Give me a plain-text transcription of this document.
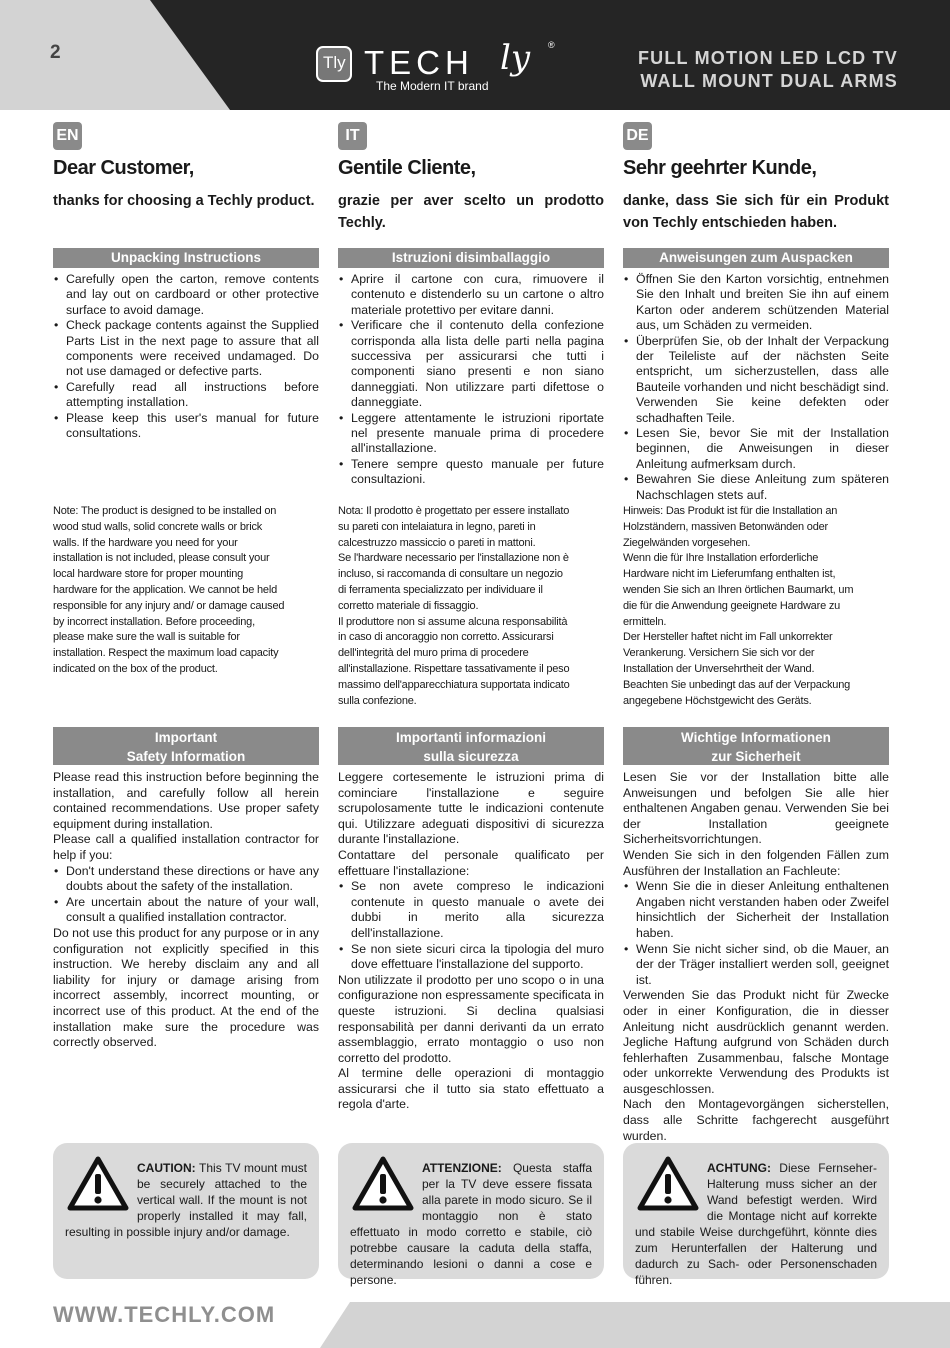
2	Tly TECH ly ®
The Modern IT brand
FULL MOTION LED LCD TV
WALL MOUNT DUAL ARMS
EN
Dear Customer,
thanks for choosing a Techly product.
Unpacking Instructions
• Carefully open the carton, remove contents and lay out on cardboard or other protective surface to avoid damage.
• Check package contents against the Supplied Parts List in the next page to assure that all components were received undamaged. Do not use damaged or defective parts.
• Carefully read all instructions before attempting installation.
• Please keep this user's manual for future consultations.

Note: The product is designed to be installed on wood stud walls, solid concrete walls or brick walls. If the hardware you need for your installation is not included, please consult your local hardware store for proper mounting hardware for the application. We cannot be held responsible for any injury and/ or damage caused by incorrect installation. Before proceeding, please make sure the wall is suitable for installation. Respect the maximum load capacity indicated on the box of the product.

Important
Safety Information

Please read this instruction before beginning the installation, and carefully follow all herein contained recommendations. Use proper safety equipment during installation.

Please call a qualified installation contractor for help if you:

• Don't understand these directions or have any doubts about the safety of the installation.
• Are uncertain about the nature of your wall, consult a qualified installation contractor.

Do not use this product for any purpose or in any configuration not explicitly specified in this instruction. We hereby disclaim any and all liability for injury or damage arising from incorrect assembly, incorrect mounting, or incorrect use of this product. At the end of the installation make sure the procedure was correctly observed.

IT
Gentile Cliente,
grazie per aver scelto un prodotto Techly.
Istruzioni disimballaggio
• Aprire il cartone con cura, rimuovere il contenuto e distenderlo su un cartone o altro materiale protettivo per evitare danni.
• Verificare che il contenuto della confezione corrisponda alla lista delle parti nella pagina successiva per assicurarsi che tutti i componenti siano presenti e non siano danneggiati. Non utilizzare parti difettose o danneggiate.
• Leggere attentamente le istruzioni riportate nel presente manuale prima di procedere all'installazione.
• Tenere sempre questo manuale per future consultazioni.

Nota: Il prodotto è progettato per essere installato su pareti con intelaiatura in legno, pareti in calcestruzzo massiccio o pareti in mattoni.

Se l'hardware necessario per l'installazione non è incluso, si raccomanda di consultare un negozio di ferramenta specializzato per individuare il corretto materiale di fissaggio.

Il produttore non si assume alcuna responsabilità in caso di ancoraggio non corretto. Assicurarsi dell'integrità del muro prima di procedere all'installazione. Rispettare tassativamente il peso massimo dell'apparecchiatura supportata indicato sulla confezione.

Importanti informazioni
sulla sicurezza

Leggere cortesemente le istruzioni prima di cominciare l'installazione e seguire scrupolosamente tutte le indicazioni contenute qui. Utilizzare adeguati dispositivi di sicurezza durante l'installazione.

Contattare del personale qualificato per effettuare l'installazione:

• Se non avete compreso le indicazioni contenute in questo manuale o avete dei dubbi in merito alla sicurezza dell'installazione.
• Se non siete sicuri circa la tipologia del muro dove effettuare l'installazione del supporto.

Non utilizzate il prodotto per uno scopo o in una configurazione non espressamente specificata in queste istruzioni. Si declina qualsiasi responsabilità per danni derivanti da un errato assemblaggio, errato montaggio o uso non corretto del prodotto.

Al termine delle operazioni di montaggio assicurarsi che il tutto sia stato effettuato a regola d'arte.

DE
Sehr geehrter Kunde,
danke, dass Sie sich für ein Produkt von Techly entschieden haben.
Anweisungen zum Auspacken
• Öffnen Sie den Karton vorsichtig, entnehmen Sie den Inhalt und breiten Sie ihn auf einem Karton oder anderem schützenden Material aus, um Schäden zu vermeiden.
• Überprüfen Sie, ob der Inhalt der Verpackung der Teileliste auf der nächsten Seite entspricht, um sicherzustellen, dass alle Bauteile vorhanden und nicht beschädigt sind. Verwenden Sie keine defekten oder schadhaften Teile.
• Lesen Sie, bevor Sie mit der Installation beginnen, die Anweisungen in dieser Anleitung aufmerksam durch.
• Bewahren Sie diese Anleitung zum späteren Nachschlagen stets auf.

Hinweis: Das Produkt ist für die Installation an Holzständern, massiven Betonwänden oder Ziegelwänden vorgesehen.

Wenn die für Ihre Installation erforderliche Hardware nicht im Lieferumfang enthalten ist, wenden Sie sich an Ihren örtlichen Baumarkt, um die für die Anwendung geeignete Hardware zu ermitteln.

Der Hersteller haftet nicht im Fall unkorrekter Verankerung. Versichern Sie sich vor der Installation der Unversehrtheit der Wand. Beachten Sie unbedingt das auf der Verpackung angegebene Höchstgewicht des Geräts.

Wichtige Informationen
zur Sicherheit

Lesen Sie vor der Installation bitte alle Anweisungen und befolgen Sie alle hier enthaltenen Angaben genau. Verwenden Sie bei der Installation geeignete Sicherheitsvorrichtungen.

Wenden Sie sich in den folgenden Fällen zum Ausführen der Installation an Fachleute:

• Wenn Sie die in dieser Anleitung enthaltenen Angaben nicht verstanden haben oder Zweifel hinsichtlich der Sicherheit der Installation haben.
• Wenn Sie nicht sicher sind, ob die Mauer, an der der Träger installiert werden soll, geeignet ist.

Verwenden Sie das Produkt nicht für Zwecke oder in einer Konfiguration, die in diesser Anleitung nicht ausdrücklich genannt werden. Jegliche Haftung aufgrund von Schäden durch fehlerhaften Zusammenbau, falsche Montage oder unkorrekte Verwendung des Produkts ist ausgeschlossen.

Nach den Montagevorgängen sicherstellen, dass alle Schritte fachgerecht ausgeführt wurden.

CAUTION: This TV mount must be securely attached to the vertical wall. If the mount is not properly installed it may fall, resulting in possible injury and/or damage.
ATTENZIONE: Questa staffa per la TV deve essere fissata alla parete in modo sicuro. Se il montaggio non è stato effettuato in modo corretto e stabile, ciò potrebbe causare la caduta della staffa, determinando lesioni o danni a cose e persone.
ACHTUNG: Diese Fernseher-Halterung muss sicher an der Wand befestigt werden. Wird die Montage nicht auf korrekte und stabile Weise durchgeführt, könnte dies zum Herunterfallen der Halterung und dadurch zu Sach- oder Personenschaden führen.
WWW.TECHLY.COM
